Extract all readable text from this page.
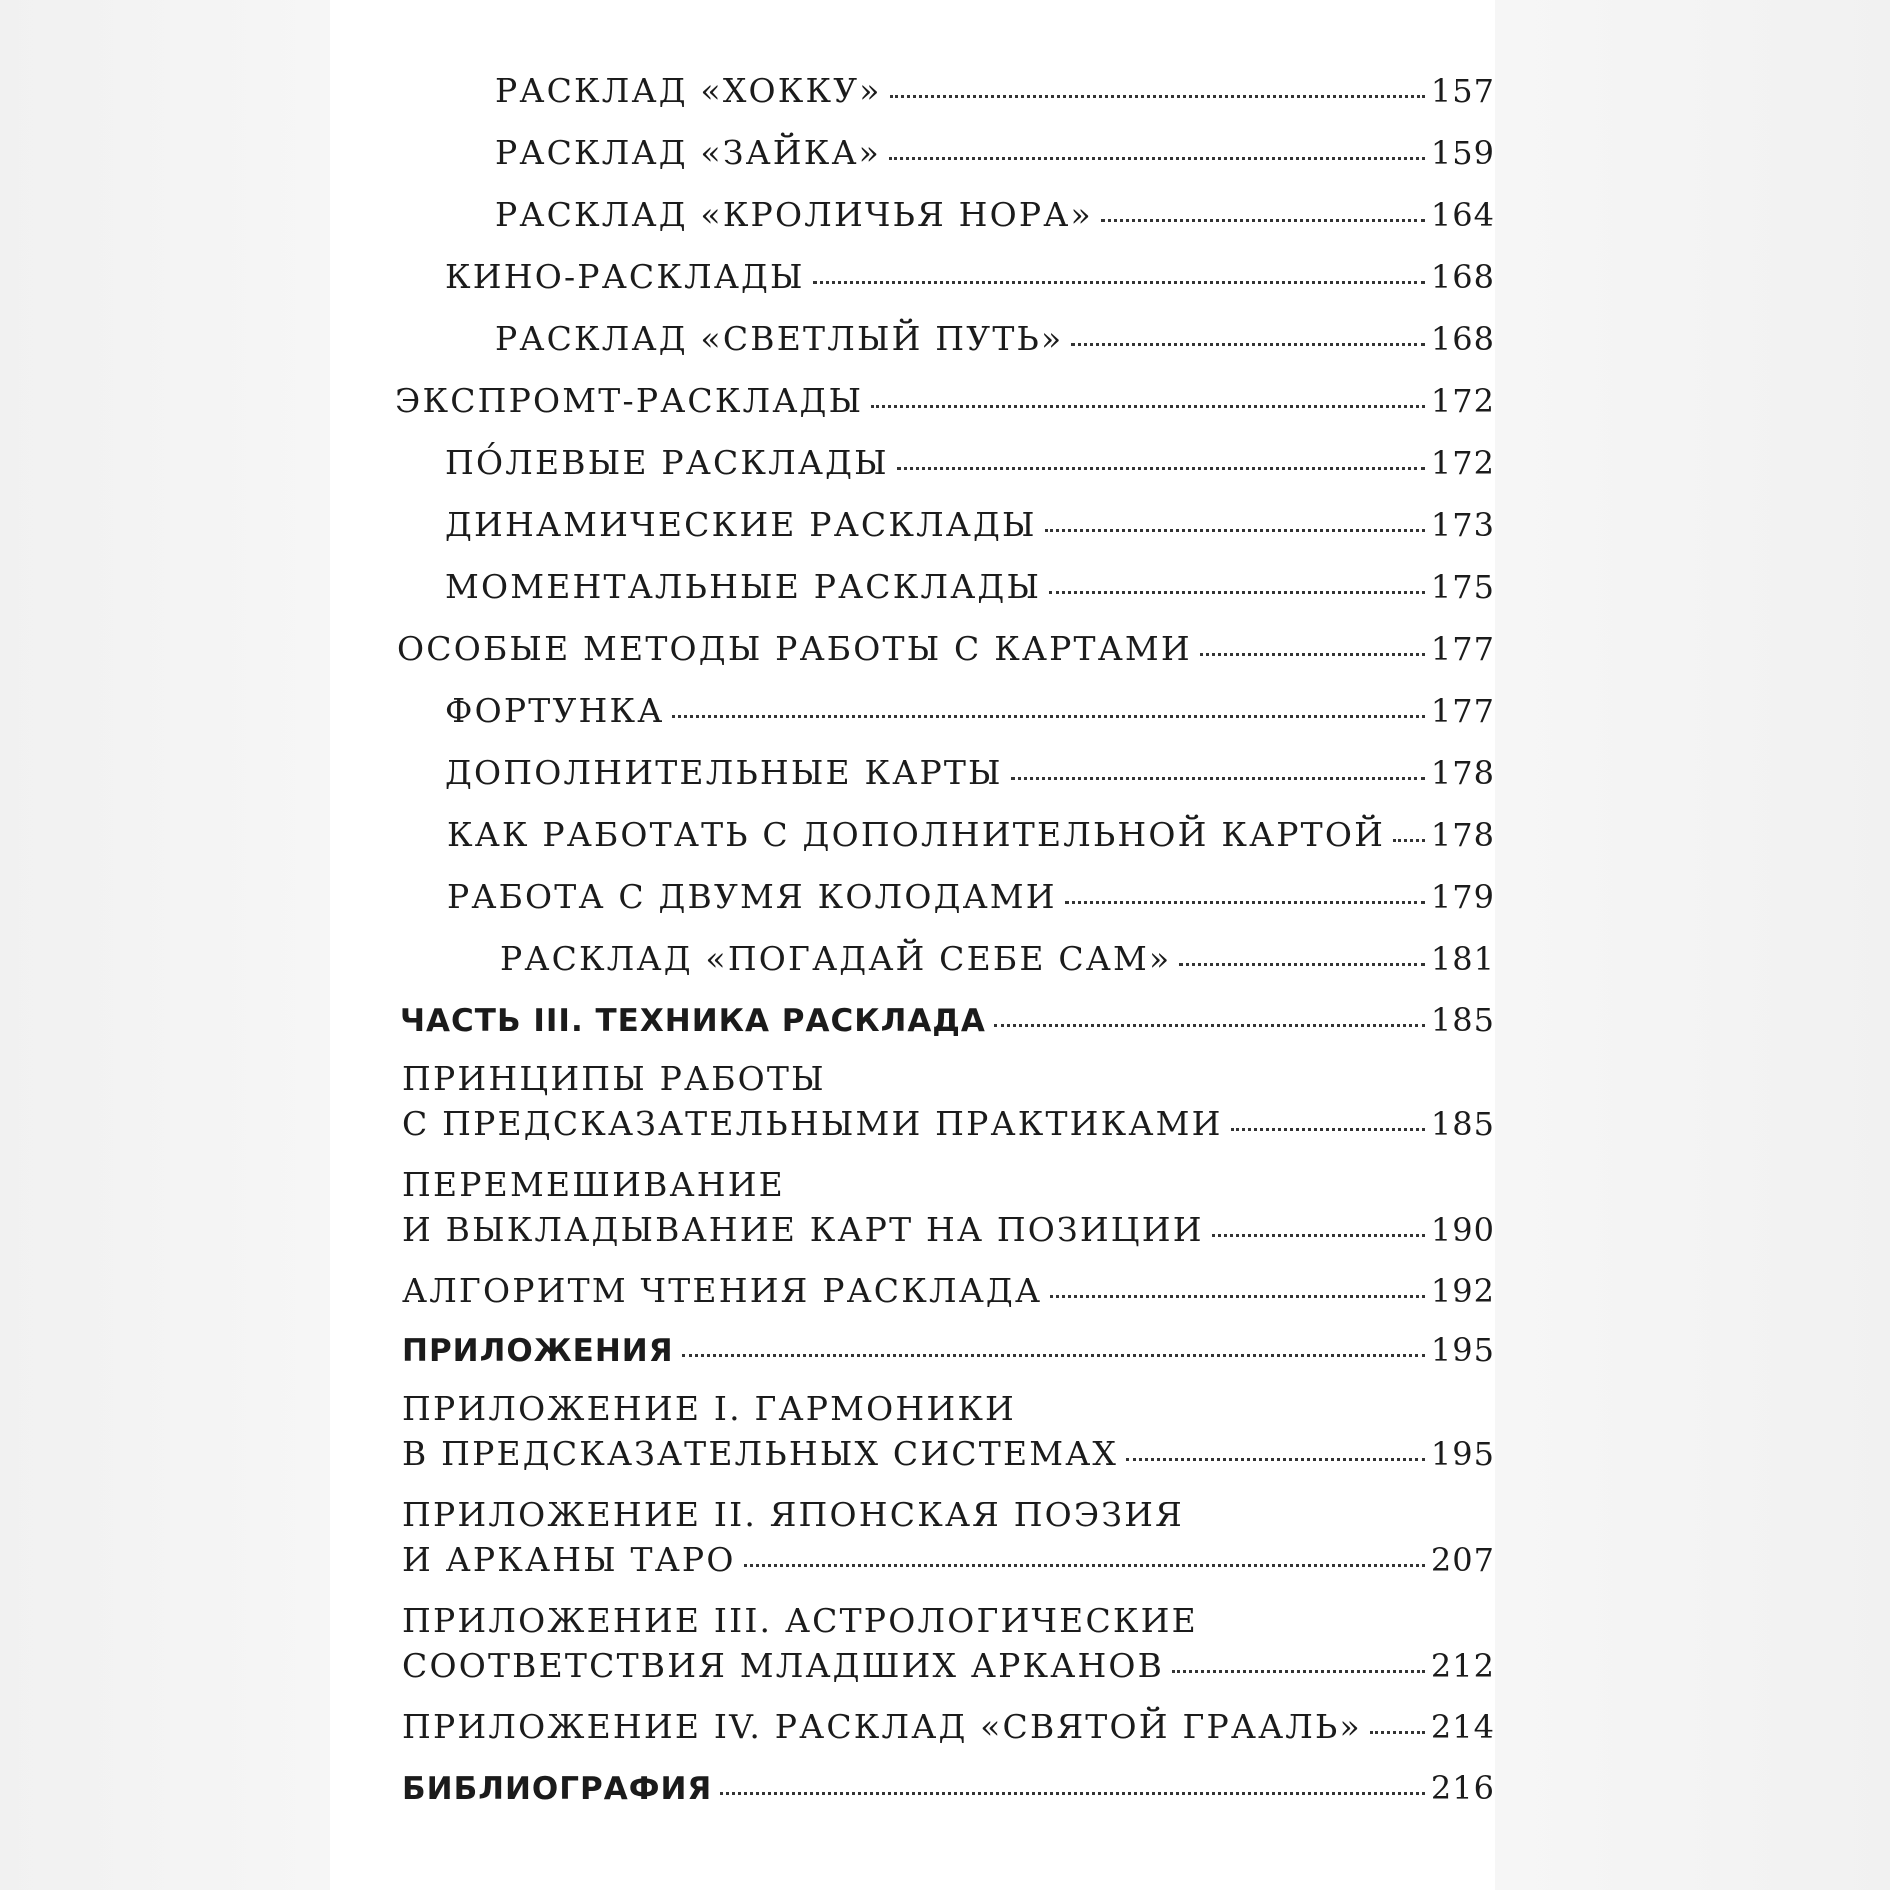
РАСКЛАД «ХОККУ»	157
РАСКЛАД «ЗАЙКА»	159
РАСКЛАД «КРОЛИЧЬЯ НОРА»	164
КИНО-РАСКЛАДЫ	168
РАСКЛАД «СВЕТЛЫЙ ПУТЬ»	168
ЭКСПРОМТ-РАСКЛАДЫ	172
ПО́ЛЕВЫЕ РАСКЛАДЫ	172
ДИНАМИЧЕСКИЕ РАСКЛАДЫ	173
МОМЕНТАЛЬНЫЕ РАСКЛАДЫ	175
ОСОБЫЕ МЕТОДЫ РАБОТЫ С КАРТАМИ	177
ФОРТУНКА	177
ДОПОЛНИТЕЛЬНЫЕ КАРТЫ	178
КАК РАБОТАТЬ С ДОПОЛНИТЕЛЬНОЙ КАРТОЙ 178
РАБОТА С ДВУМЯ КОЛОДАМИ	179
РАСКЛАД «ПОГАДАЙ СЕБЕ САМ»	181
ЧАСТЬ III. ТЕХНИКА РАСКЛАДА	185
ПРИНЦИПЫ РАБОТЫ
С ПРЕДСКАЗАТЕЛЬНЫМИ ПРАКТИКАМИ	185
ПЕРЕМЕШИВАНИЕ
И ВЫКЛАДЫВАНИЕ КАРТ НА ПОЗИЦИИ	190
АЛГОРИТМ ЧТЕНИЯ РАСКЛАДА	192
ПРИЛОЖЕНИЯ	195
ПРИЛОЖЕНИЕ I. ГАРМОНИКИ
В ПРЕДСКАЗАТЕЛЬНЫХ СИСТЕМАХ	195
ПРИЛОЖЕНИЕ II. ЯПОНСКАЯ ПОЭЗИЯ
И АРКАНЫ ТАРО	207
ПРИЛОЖЕНИЕ III. АСТРОЛОГИЧЕСКИЕ
СООТВЕТСТВИЯ МЛАДШИХ АРКАНОВ	212
ПРИЛОЖЕНИЕ IV. РАСКЛАД «СВЯТОЙ ГРААЛЬ» 214
БИБЛИОГРАФИЯ	216
